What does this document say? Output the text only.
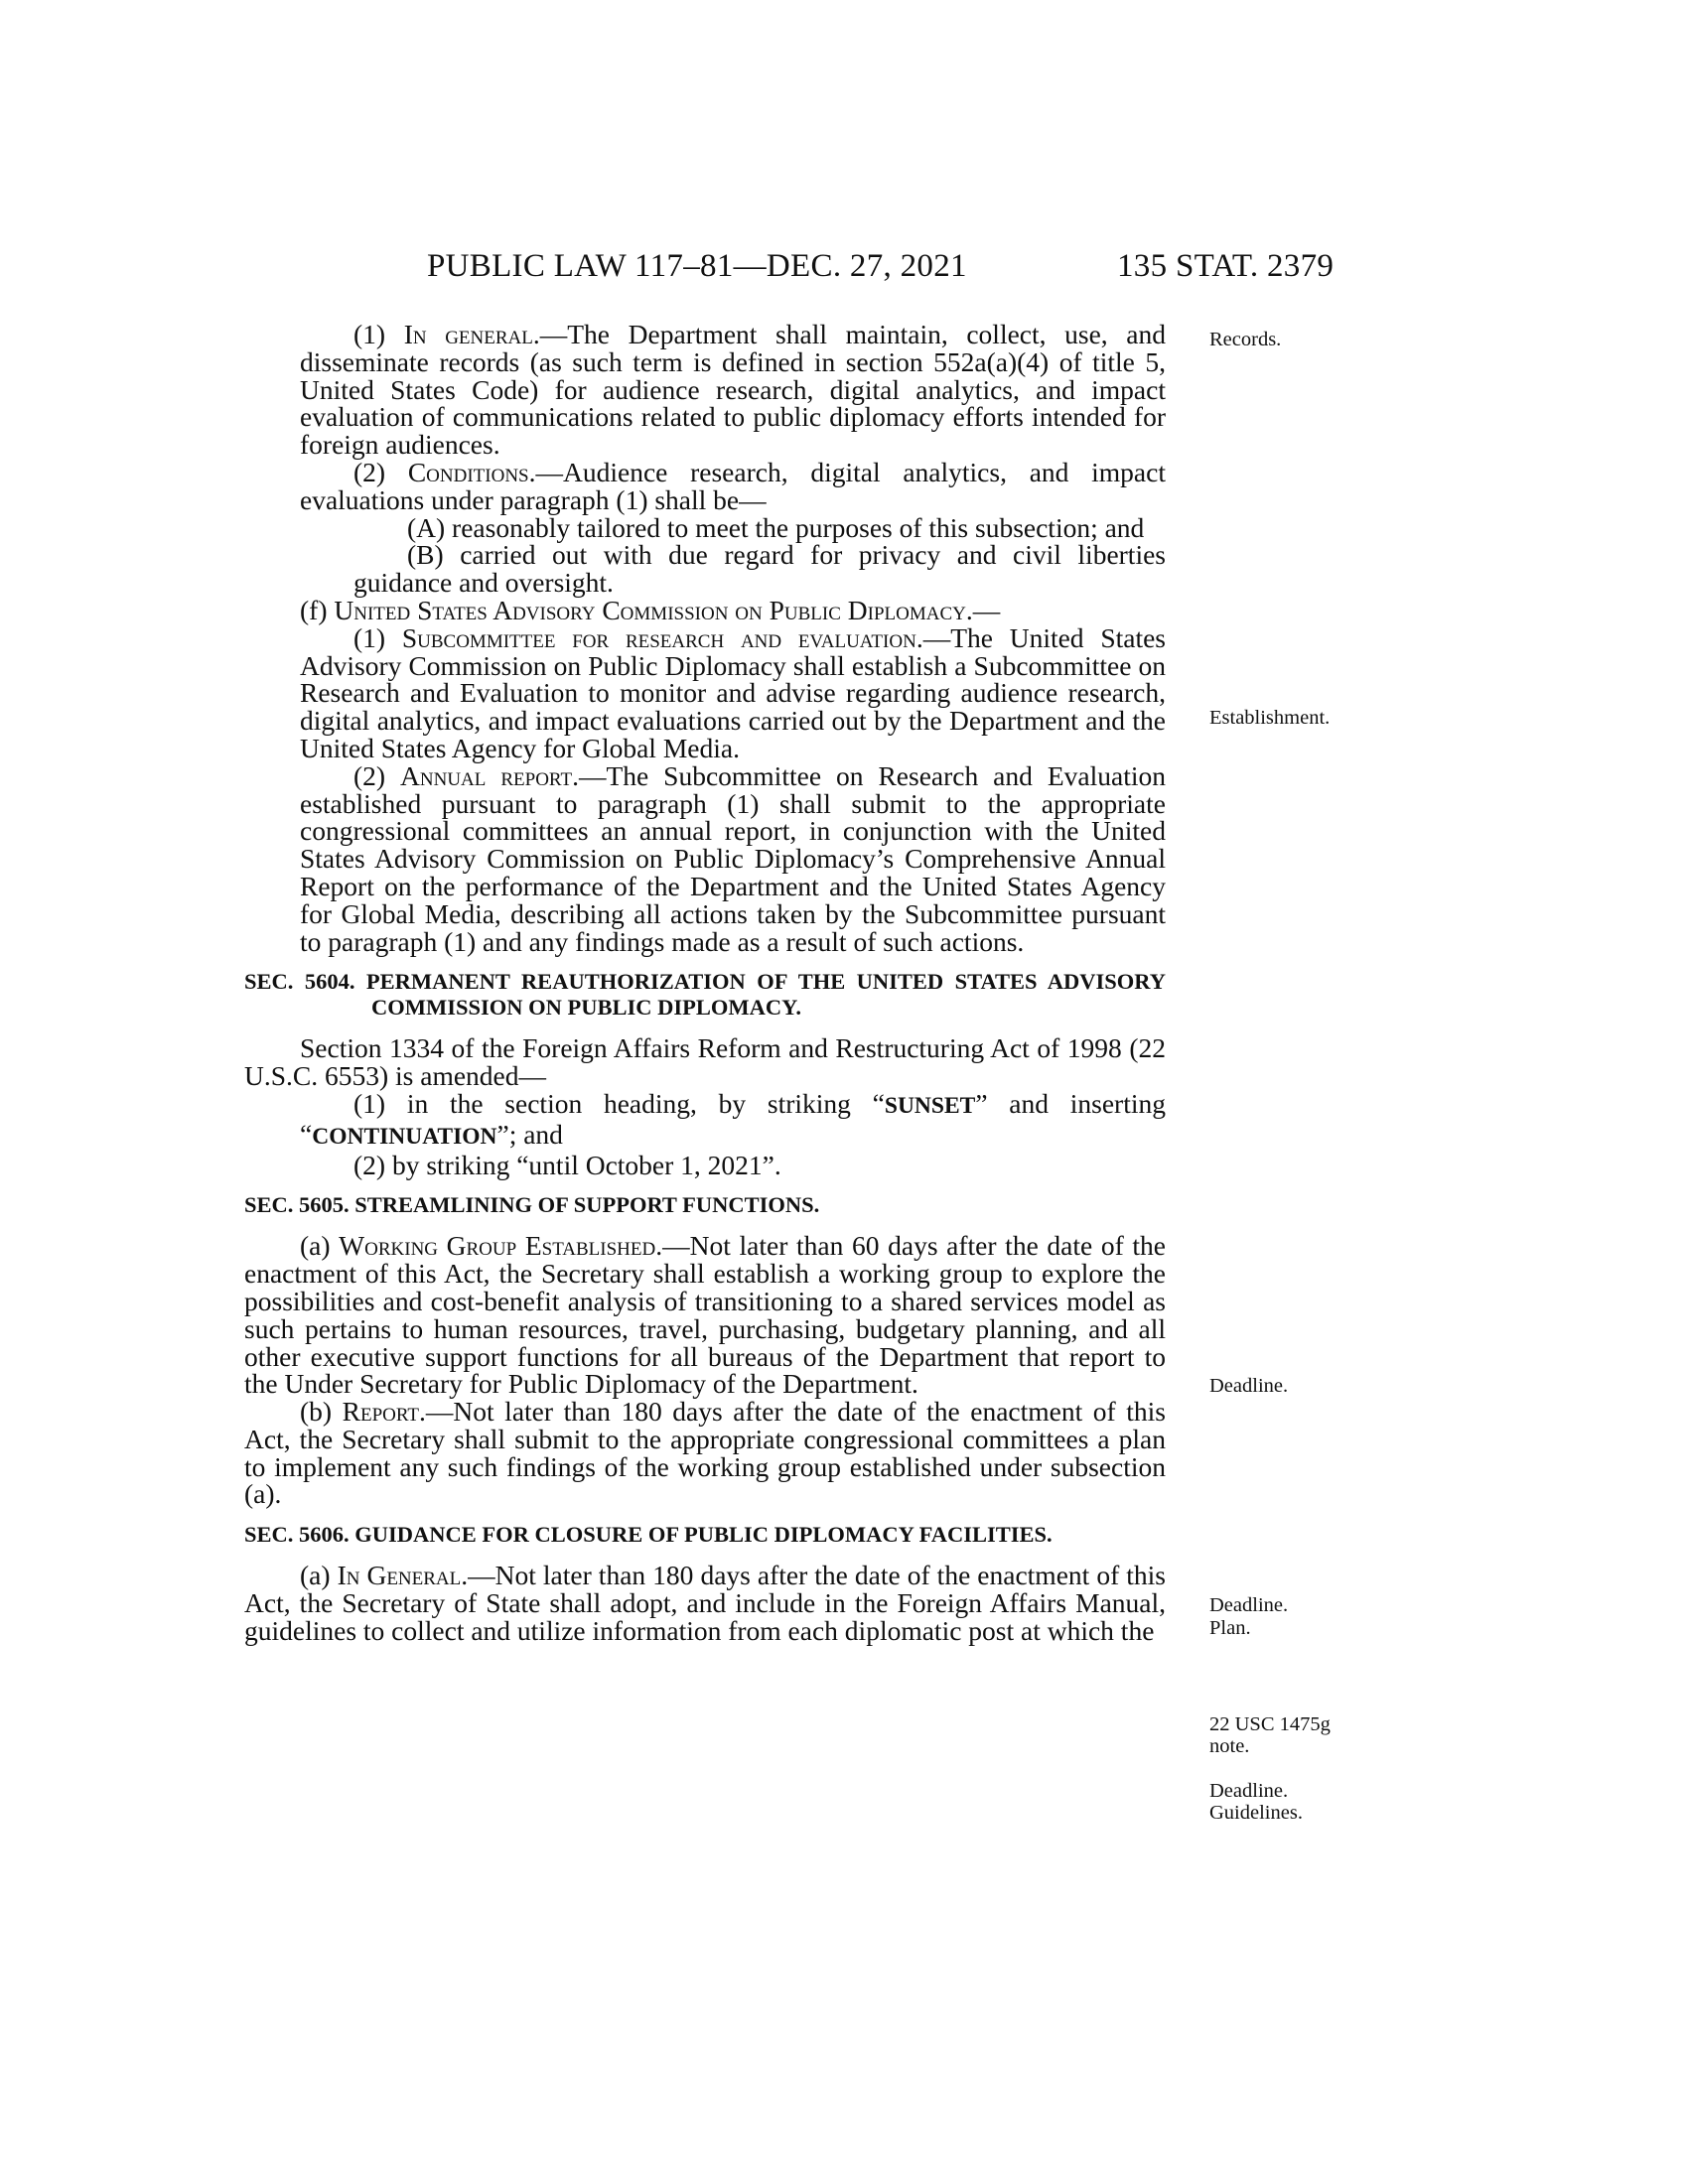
PUBLIC LAW 117–81—DEC. 27, 2021	135 STAT. 2379

(1) In general.—The Department shall maintain, collect, use, and disseminate records (as such term is defined in section 552a(a)(4) of title 5, United States Code) for audience research, digital analytics, and impact evaluation of communications related to public diplomacy efforts intended for foreign audiences.

(2) Conditions.—Audience research, digital analytics, and impact evaluations under paragraph (1) shall be—

(A) reasonably tailored to meet the purposes of this subsection; and

(B) carried out with due regard for privacy and civil liberties guidance and oversight.

(f) United States Advisory Commission on Public Diplomacy.—

(1) Subcommittee for research and evaluation.—The United States Advisory Commission on Public Diplomacy shall establish a Subcommittee on Research and Evaluation to monitor and advise regarding audience research, digital analytics, and impact evaluations carried out by the Department and the United States Agency for Global Media.

(2) Annual report.—The Subcommittee on Research and Evaluation established pursuant to paragraph (1) shall submit to the appropriate congressional committees an annual report, in conjunction with the United States Advisory Commission on Public Diplomacy’s Comprehensive Annual Report on the performance of the Department and the United States Agency for Global Media, describing all actions taken by the Subcommittee pursuant to paragraph (1) and any findings made as a result of such actions.

SEC. 5604. PERMANENT REAUTHORIZATION OF THE UNITED STATES ADVISORY COMMISSION ON PUBLIC DIPLOMACY.

Section 1334 of the Foreign Affairs Reform and Restructuring Act of 1998 (22 U.S.C. 6553) is amended—

(1) in the section heading, by striking “SUNSET” and inserting “CONTINUATION”; and

(2) by striking “until October 1, 2021”.

SEC. 5605. STREAMLINING OF SUPPORT FUNCTIONS.

(a) Working Group Established.—Not later than 60 days after the date of the enactment of this Act, the Secretary shall establish a working group to explore the possibilities and cost-benefit analysis of transitioning to a shared services model as such pertains to human resources, travel, purchasing, budgetary planning, and all other executive support functions for all bureaus of the Department that report to the Under Secretary for Public Diplomacy of the Department.

(b) Report.—Not later than 180 days after the date of the enactment of this Act, the Secretary shall submit to the appropriate congressional committees a plan to implement any such findings of the working group established under subsection (a).

SEC. 5606. GUIDANCE FOR CLOSURE OF PUBLIC DIPLOMACY FACILITIES.

(a) In General.—Not later than 180 days after the date of the enactment of this Act, the Secretary of State shall adopt, and include in the Foreign Affairs Manual, guidelines to collect and utilize information from each diplomatic post at which the

Records.
Establishment.
Deadline.
Deadline.
Plan.
22 USC 1475g
note.
Deadline.
Guidelines.
